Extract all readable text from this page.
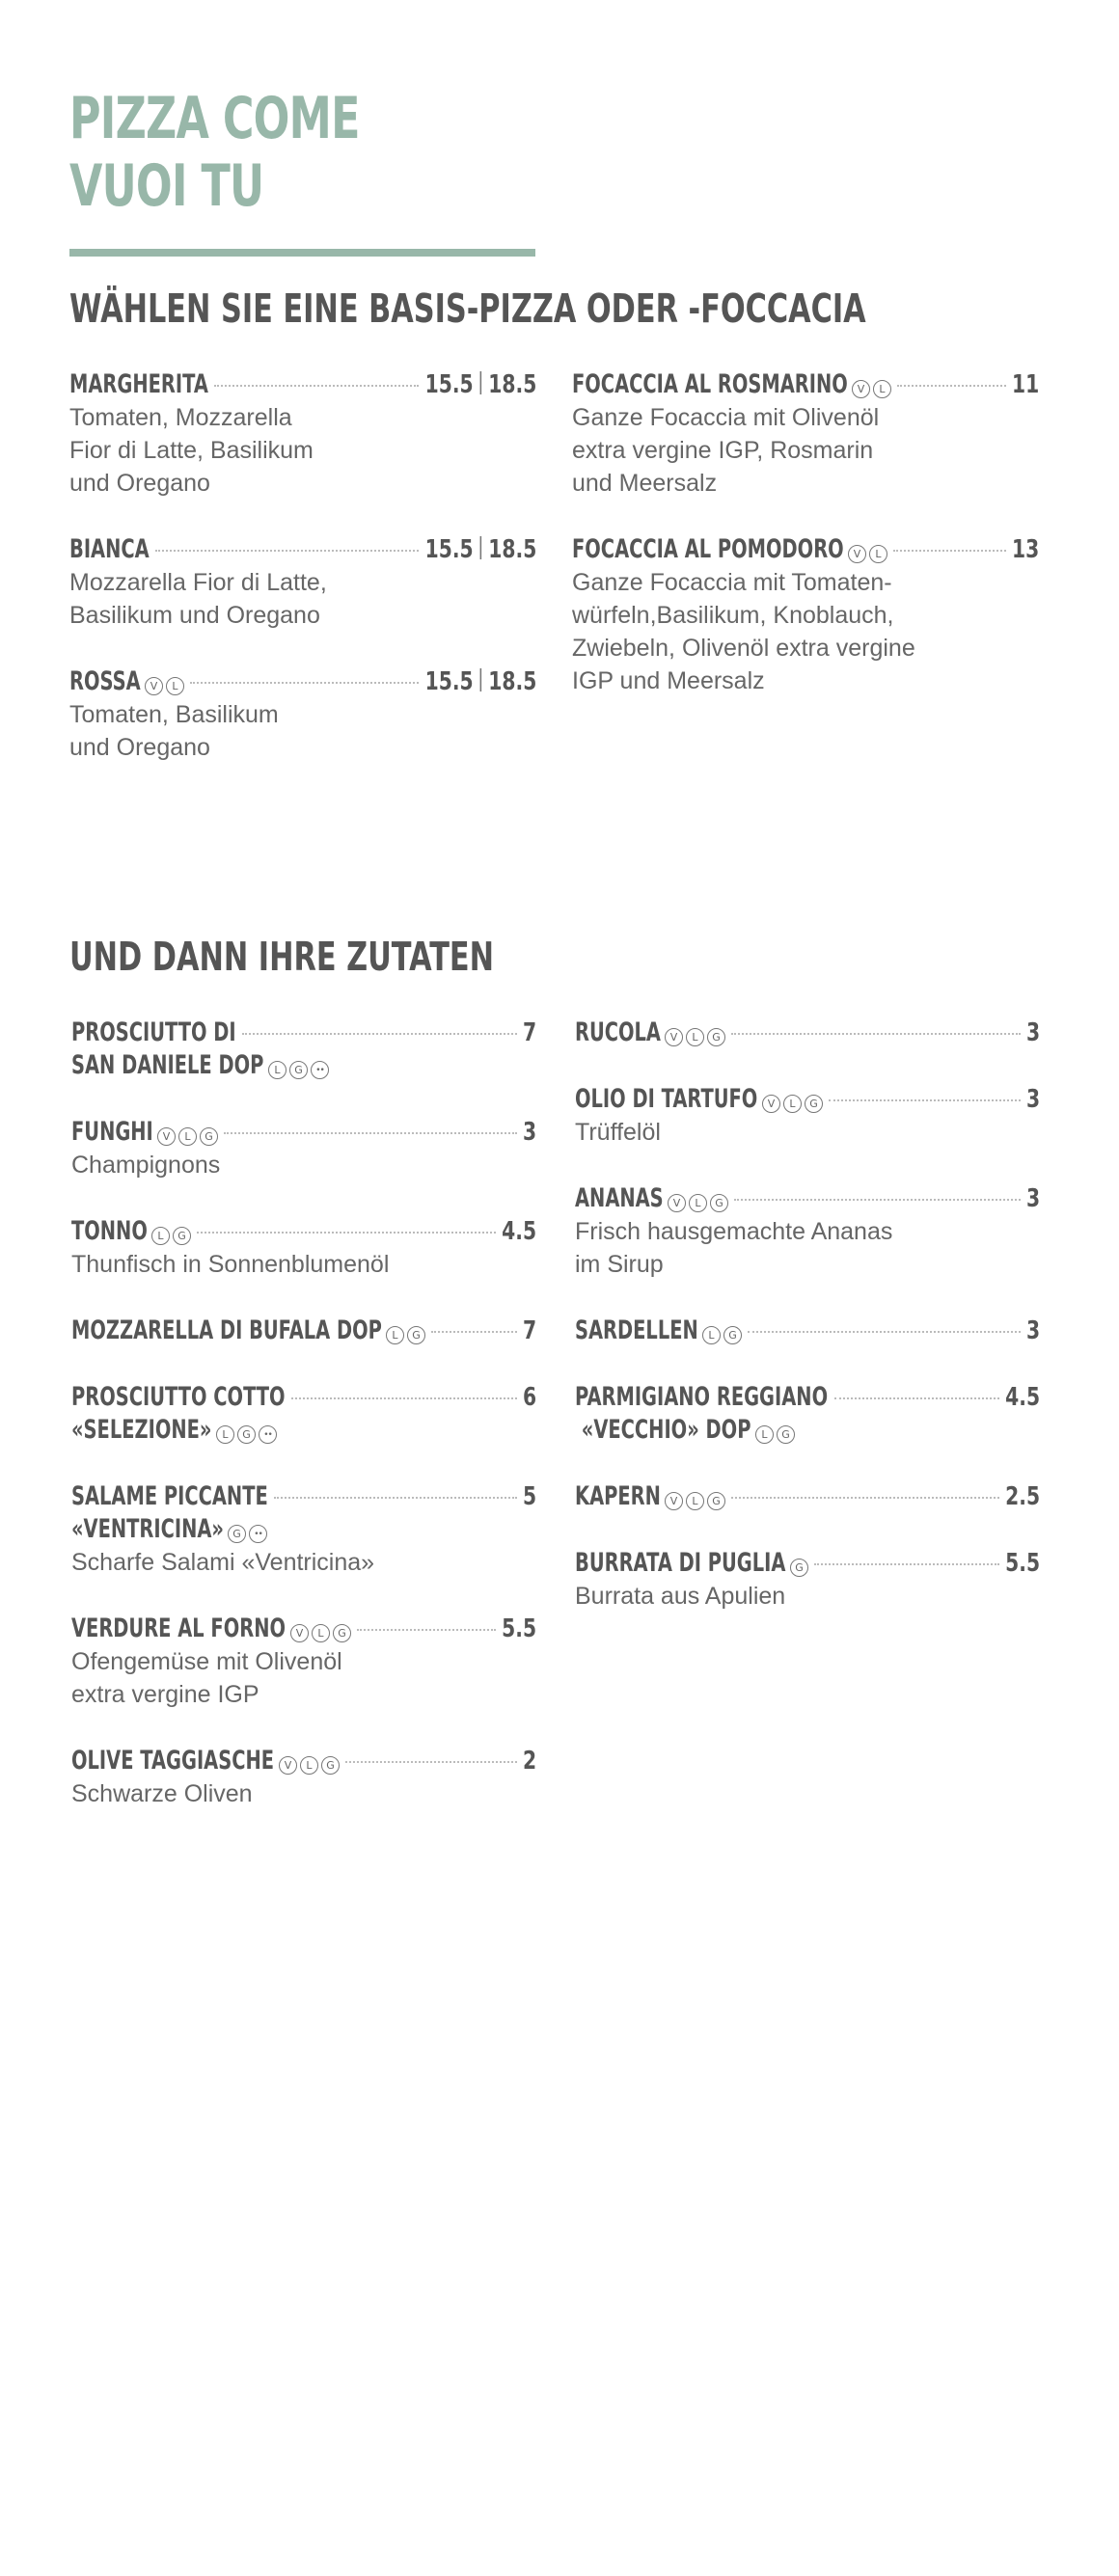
PIZZA COME
VUOI TU
WÄHLEN SIE EINE BASIS-PIZZA ODER -FOCCACIA
MARGHERITA	15.5 18.5
Tomaten, Mozzarella
Fior di Latte, Basilikum
und Oregano
BIANCA	15.5 18.5
Mozzarella Fior di Latte,
Basilikum und Oregano
ROSSA V	L	15.5 18.5
Tomaten, Basilikum
und Oregano
FOCACCIA AL ROSMARINO V	L	11
Ganze Focaccia mit Olivenöl
extra vergine IGP, Rosmarin
und Meersalz
FOCACCIA AL POMODORO V	L	13
Ganze Focaccia mit Tomaten-
würfeln,Basilikum, Knoblauch,
Zwiebeln, Olivenöl extra vergine
IGP und Meersalz
UND DANN IHRE ZUTATEN
PROSCIUTTO DI	7
SAN DANIELE DOP	L	G	••
FUNGHI V	L	G	3
Champignons
TONNO L	G	4.5
Thunfisch in Sonnenblumenöl
MOZZARELLA DI BUFALA DOP L	G	7
PROSCIUTTO COTTO	6
«SELEZIONE» L	G	••
SALAME PICCANTE	5
«VENTRICINA» G	••
Scharfe Salami «Ventricina»
VERDURE AL FORNO V	L	G	5.5
Ofengemüse mit Olivenöl
extra vergine IGP
OLIVE TAGGIASCHE V	L	G	2
Schwarze Oliven
RUCOLA V	L	G	3
OLIO DI TARTUFO V	L	G	3
Trüffelöl
ANANAS V	L	G	3
Frisch hausgemachte Ananas
im Sirup
SARDELLEN L	G	3
PARMIGIANO REGGIANO	4.5
«VECCHIO» DOP L	G
KAPERN V	L	G	2.5
BURRATA DI PUGLIA G	5.5
Burrata aus Apulien
